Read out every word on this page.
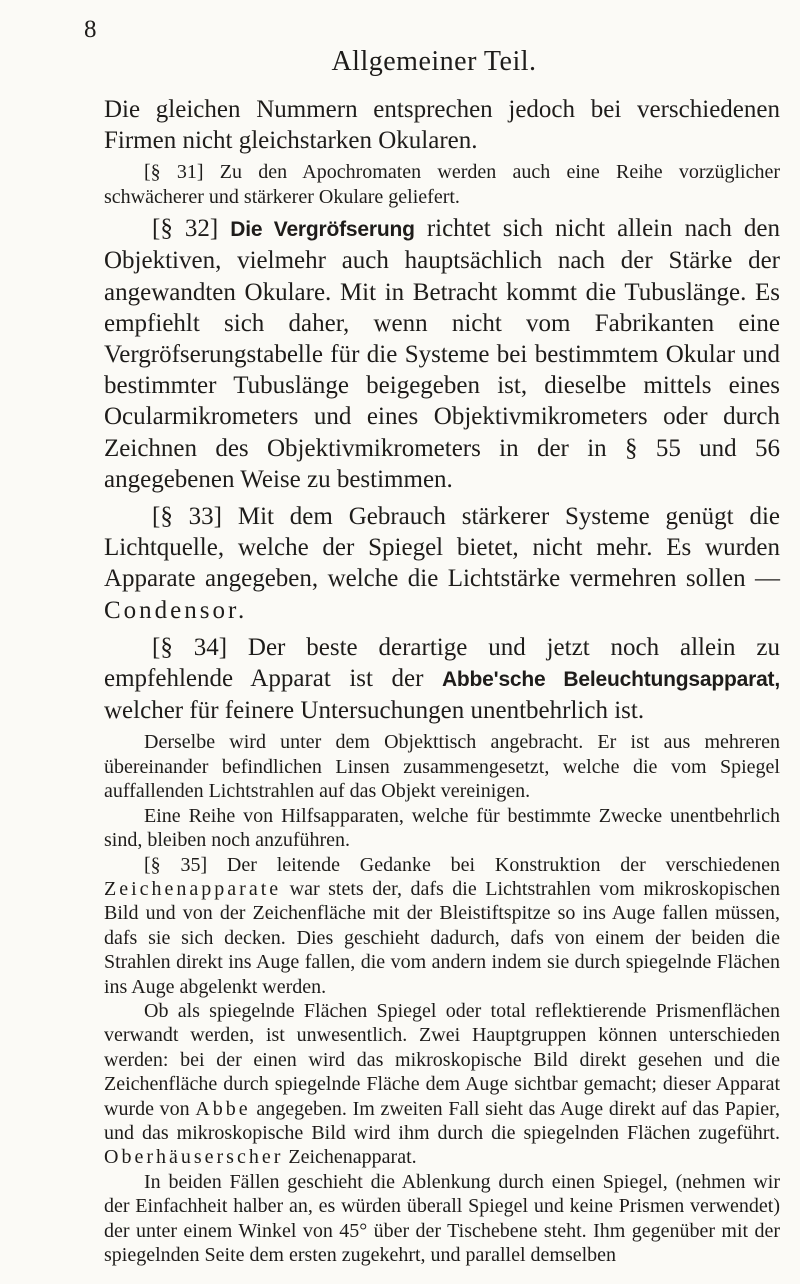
8
Allgemeiner Teil.

Die gleichen Nummern entsprechen jedoch bei verschiedenen Firmen nicht gleichstarken Okularen.

[§ 31] Zu den Apochromaten werden auch eine Reihe vorzüglicher schwächerer und stärkerer Okulare geliefert.

[§ 32] Die Vergröfserung richtet sich nicht allein nach den Objektiven, vielmehr auch hauptsächlich nach der Stärke der angewandten Okulare. Mit in Betracht kommt die Tubuslänge. Es empfiehlt sich daher, wenn nicht vom Fabrikanten eine Vergröfserungstabelle für die Systeme bei bestimmtem Okular und bestimmter Tubuslänge beigegeben ist, dieselbe mittels eines Ocularmikrometers und eines Objektivmikrometers oder durch Zeichnen des Objektivmikrometers in der in § 55 und 56 angegebenen Weise zu bestimmen.

[§ 33] Mit dem Gebrauch stärkerer Systeme genügt die Lichtquelle, welche der Spiegel bietet, nicht mehr. Es wurden Apparate angegeben, welche die Lichtstärke vermehren sollen — Condensor.

[§ 34] Der beste derartige und jetzt noch allein zu empfehlende Apparat ist der Abbe'sche Beleuchtungsapparat, welcher für feinere Untersuchungen unentbehrlich ist.

Derselbe wird unter dem Objekttisch angebracht. Er ist aus mehreren übereinander befindlichen Linsen zusammengesetzt, welche die vom Spiegel auffallenden Lichtstrahlen auf das Objekt vereinigen.

Eine Reihe von Hilfsapparaten, welche für bestimmte Zwecke unentbehrlich sind, bleiben noch anzuführen.

[§ 35] Der leitende Gedanke bei Konstruktion der verschiedenen Zeichenapparate war stets der, dafs die Lichtstrahlen vom mikroskopischen Bild und von der Zeichenfläche mit der Bleistiftspitze so ins Auge fallen müssen, dafs sie sich decken. Dies geschieht dadurch, dafs von einem der beiden die Strahlen direkt ins Auge fallen, die vom andern indem sie durch spiegelnde Flächen ins Auge abgelenkt werden.

Ob als spiegelnde Flächen Spiegel oder total reflektierende Prismenflächen verwandt werden, ist unwesentlich. Zwei Hauptgruppen können unterschieden werden: bei der einen wird das mikroskopische Bild direkt gesehen und die Zeichenfläche durch spiegelnde Fläche dem Auge sichtbar gemacht; dieser Apparat wurde von Abbe angegeben. Im zweiten Fall sieht das Auge direkt auf das Papier, und das mikroskopische Bild wird ihm durch die spiegelnden Flächen zugeführt. Oberhäuserscher Zeichenapparat.

In beiden Fällen geschieht die Ablenkung durch einen Spiegel, (nehmen wir der Einfachheit halber an, es würden überall Spiegel und keine Prismen verwendet) der unter einem Winkel von 45° über der Tischebene steht. Ihm gegenüber mit der spiegelnden Seite dem ersten zugekehrt, und parallel demselben
